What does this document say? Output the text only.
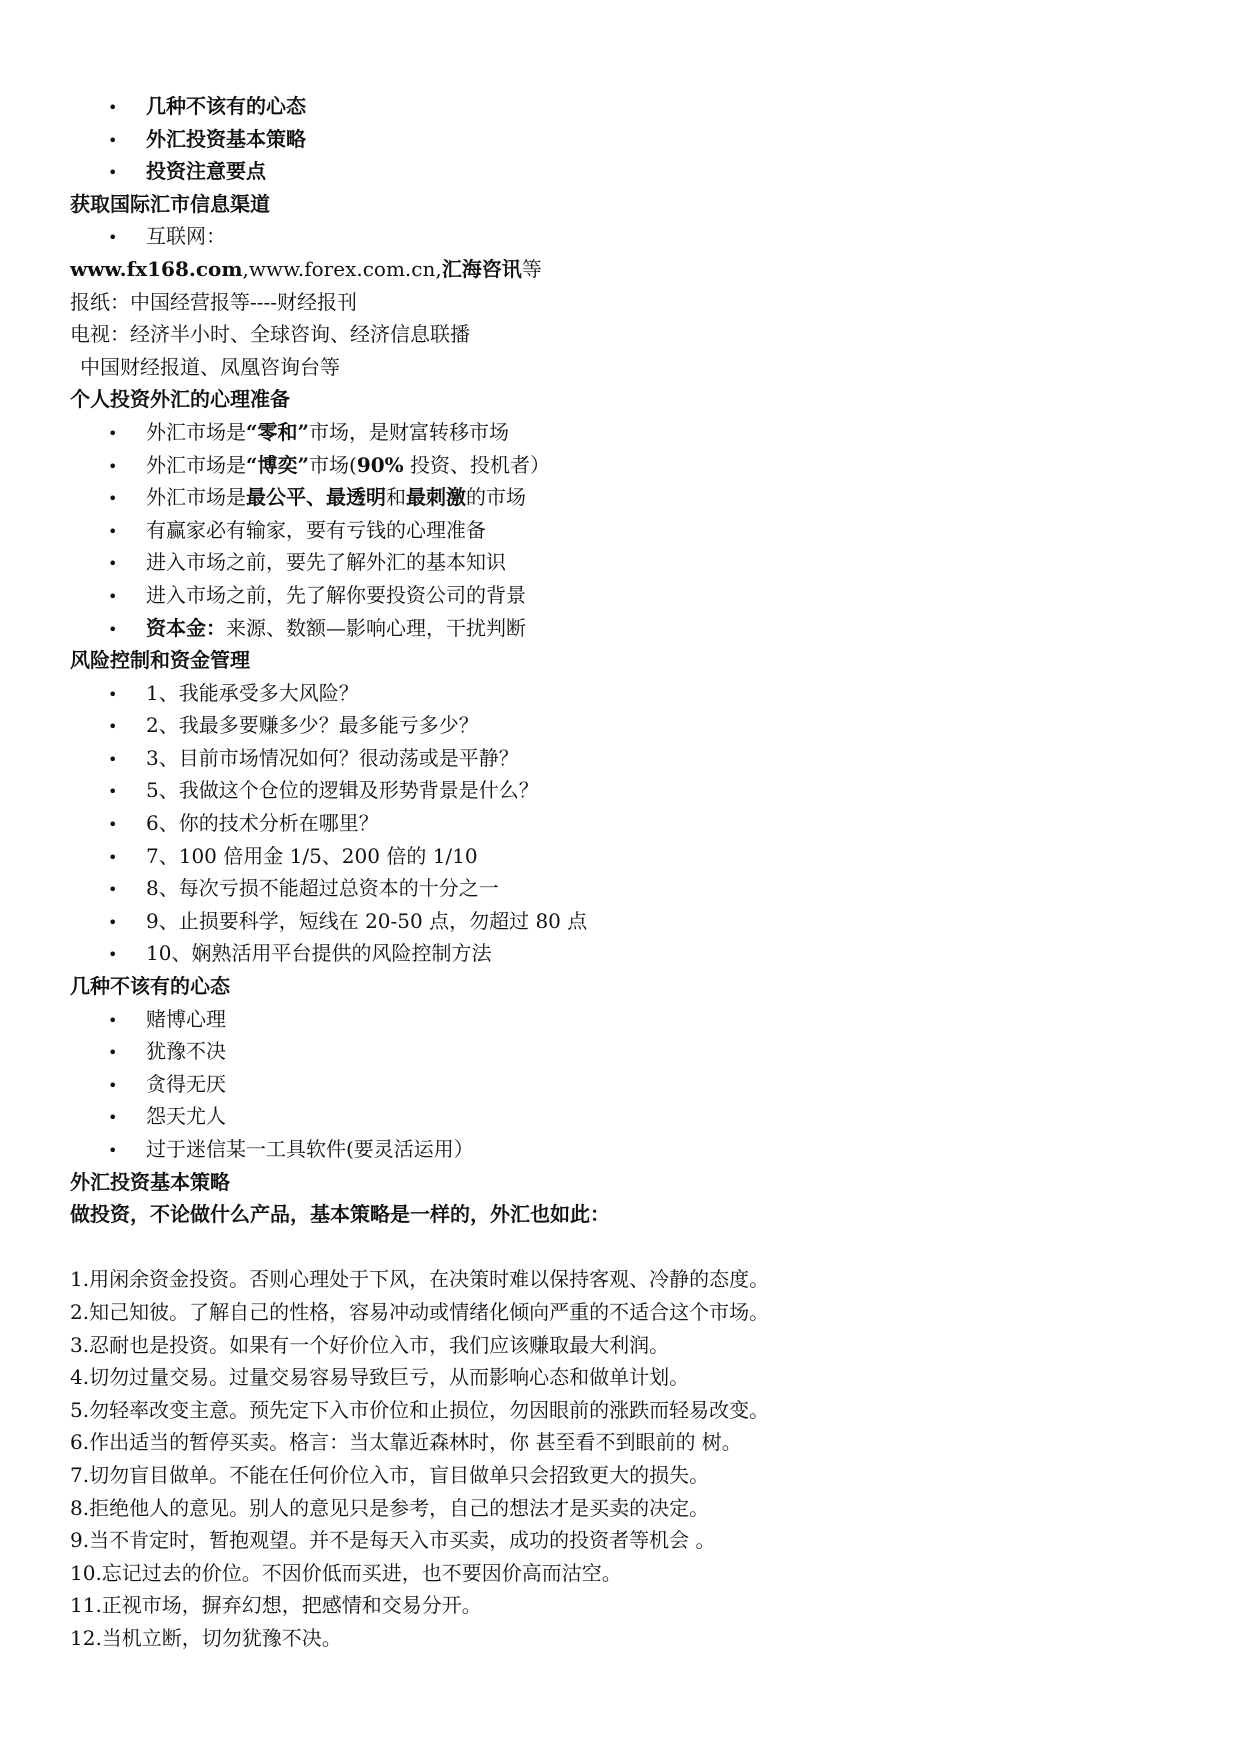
• 几种不该有的心态
• 外汇投资基本策略
• 投资注意要点
获取国际汇市信息渠道
• 互联网：
www.fx168.com,www.forex.com.cn,汇海咨讯等
报纸：中国经营报等----财经报刊
电视：经济半小时、全球咨询、经济信息联播
中国财经报道、凤凰咨询台等
个人投资外汇的心理准备
• 外汇市场是“零和”市场，是财富转移市场
• 外汇市场是“博奕”市场(90% 投资、投机者）
• 外汇市场是最公平、最透明和最刺激的市场
• 有赢家必有输家，要有亏钱的心理准备
• 进入市场之前，要先了解外汇的基本知识
• 进入市场之前，先了解你要投资公司的背景
• 资本金：来源、数额—影响心理，干扰判断
风险控制和资金管理
• 1、我能承受多大风险？
• 2、我最多要赚多少？最多能亏多少？
• 3、目前市场情况如何？很动荡或是平静？
• 5、我做这个仓位的逻辑及形势背景是什么？
• 6、你的技术分析在哪里？
• 7、100 倍用金 1/5、200 倍的 1/10
• 8、每次亏损不能超过总资本的十分之一
• 9、止损要科学，短线在 20-50 点，勿超过 80 点
• 10、娴熟活用平台提供的风险控制方法
几种不该有的心态
• 赌博心理
• 犹豫不决
• 贪得无厌
• 怨天尤人
• 过于迷信某一工具软件(要灵活运用）
外汇投资基本策略
做投资，不论做什么产品，基本策略是一样的，外汇也如此：
1.用闲余资金投资。否则心理处于下风，在决策时难以保持客观、冷静的态度。
2.知己知彼。了解自己的性格，容易冲动或情绪化倾向严重的不适合这个市场。
3.忍耐也是投资。如果有一个好价位入市，我们应该赚取最大利润。
4.切勿过量交易。过量交易容易导致巨亏，从而影响心态和做单计划。
5.勿轻率改变主意。预先定下入市价位和止损位，勿因眼前的涨跌而轻易改变。
6.作出适当的暂停买卖。格言：当太靠近森林时，你 甚至看不到眼前的 树。
7.切勿盲目做单。不能在任何价位入市，盲目做单只会招致更大的损失。
8.拒绝他人的意见。别人的意见只是参考，自己的想法才是买卖的决定。
9.当不肯定时，暂抱观望。并不是每天入市买卖，成功的投资者等机会 。
10.忘记过去的价位。不因价低而买进，也不要因价高而沽空。
11.正视市场，摒弃幻想，把感情和交易分开。
12.当机立断，切勿犹豫不决。
